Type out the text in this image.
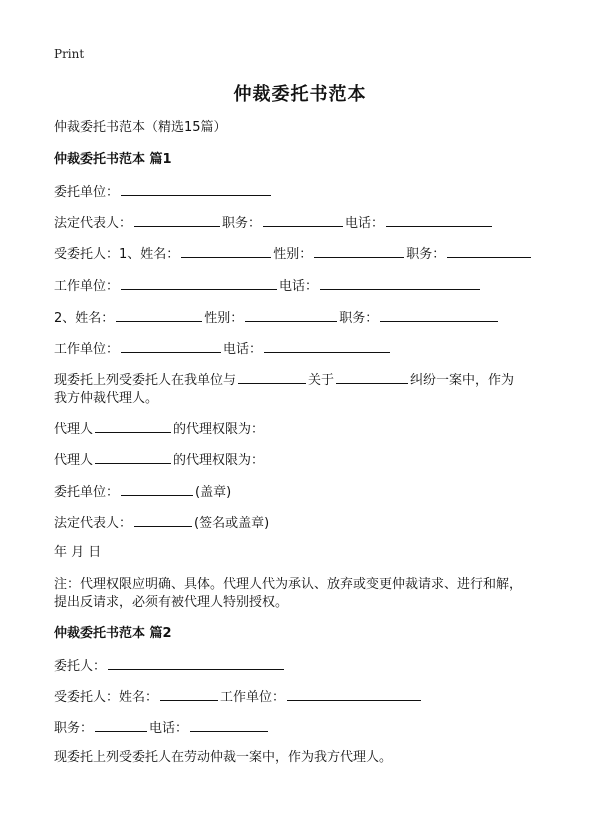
Print
仲裁委托书范本
仲裁委托书范本（精选15篇）
仲裁委托书范本 篇1
委托单位：
法定代表人：	职务：	电话：
受委托人：1、姓名：	性别：	职务：
工作单位：	电话：
2、姓名：	性别：	职务：
工作单位：	电话：
现委托上列受委托人在我单位与	关于	纠纷一案中，作为
我方仲裁代理人。
代理人	的代理权限为：
代理人	的代理权限为：
委托单位：	(盖章)
法定代表人：	(签名或盖章)
年 月 日
注：代理权限应明确、具体。代理人代为承认、放弃或变更仲裁请求、进行和解，
提出反请求，必须有被代理人特别授权。
仲裁委托书范本 篇2
委托人：
受委托人：姓名：	工作单位：
职务：	电话：
现委托上列受委托人在劳动仲裁一案中，作为我方代理人。
